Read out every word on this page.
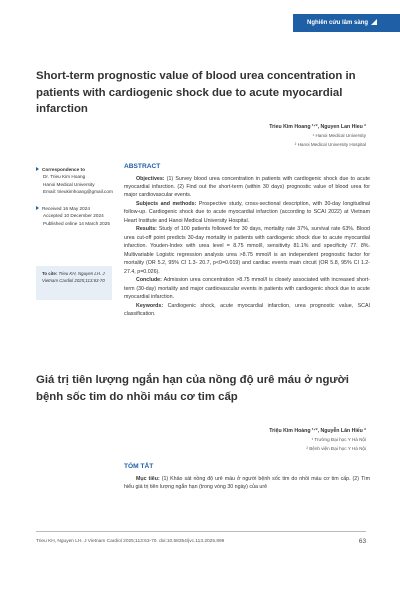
Nghiên cứu lâm sàng
Short-term prognostic value of blood urea concentration in patients with cardiogenic shock due to acute myocardial infarction
Trieu Kim Hoang ¹ᐟ², Nguyen Lan Hieu ²
¹ Hanoi Medical University
² Hanoi Medical University Hospital
Correspondence to
Dr. Trieu Kim Hoang
Hanoi Medical University
Email: trieukimhoang@gmail.com
Received 16 May 2024
Accepted 10 December 2024
Published online 14 March 2025
To cite: Trieu KH, Nguyen LH. J Vietnam Cardiol 2025;113:63-70
ABSTRACT

Objectives: (1) Survey blood urea concentration in patients with cardiogenic shock due to acute myocardial infarction. (2) Find out the short-term (within 30 days) prognostic value of blood urea for major cardiovascular events.

Subjects and methods: Prospective study, cross-sectional description, with 30-day longitudinal follow-up. Cardiogenic shock due to acute myocardial infarction (according to SCAI 2022) at Vietnam Heart Institute and Hanoi Medical University Hospital.

Results: Study of 100 patients followed for 30 days, mortality rate 37%, survival rate 63%. Blood urea cut-off point predicts 30-day mortality in patients with cardiogenic shock due to acute myocardial infarction. Youden-Index with urea level = 8.75 mmol/l, sensitivity 81.1% and specificity 77. 8%. Multivariable Logistic regression analysis urea >8.75 mmol/l is an independent prognostic factor for mortality (OR 5.2, 95% CI 1.3- 20.7, p<0=0.019) and cardiac events main circuit (OR 5.8, 95% CI 1.2-27.4, p=0.026).

Conclude: Admission urea concentration >8.75 mmol/l is closely associated with increased short-term (30-day) mortality and major cardiovascular events in patients with cardiogenic shock due to acute myocardial infarction.

Keywords: Cardiogenic shock, acute myocardial infarction, urea prognostic value, SCAI classification.

Giá trị tiên lượng ngắn hạn của nồng độ urê máu ở người bệnh sốc tim do nhồi máu cơ tim cấp
Triệu Kim Hoàng ¹ᐟ², Nguyễn Lân Hiếu ²
¹ Trường Đại học Y Hà Nội
² Bệnh viện Đại học Y Hà Nội
TÓM TẮT

Mục tiêu: (1) Khảo sát nồng độ urê máu ở người bệnh sốc tim do nhồi máu cơ tim cấp. (2) Tìm hiểu giá trị tiên lượng ngắn hạn (trong vòng 30 ngày) của urê

Trieu KH, Nguyen LH. J Vietnam Cardiol 2025;113:63-70. doi:10.58354/jvc.113.2025.899	63
